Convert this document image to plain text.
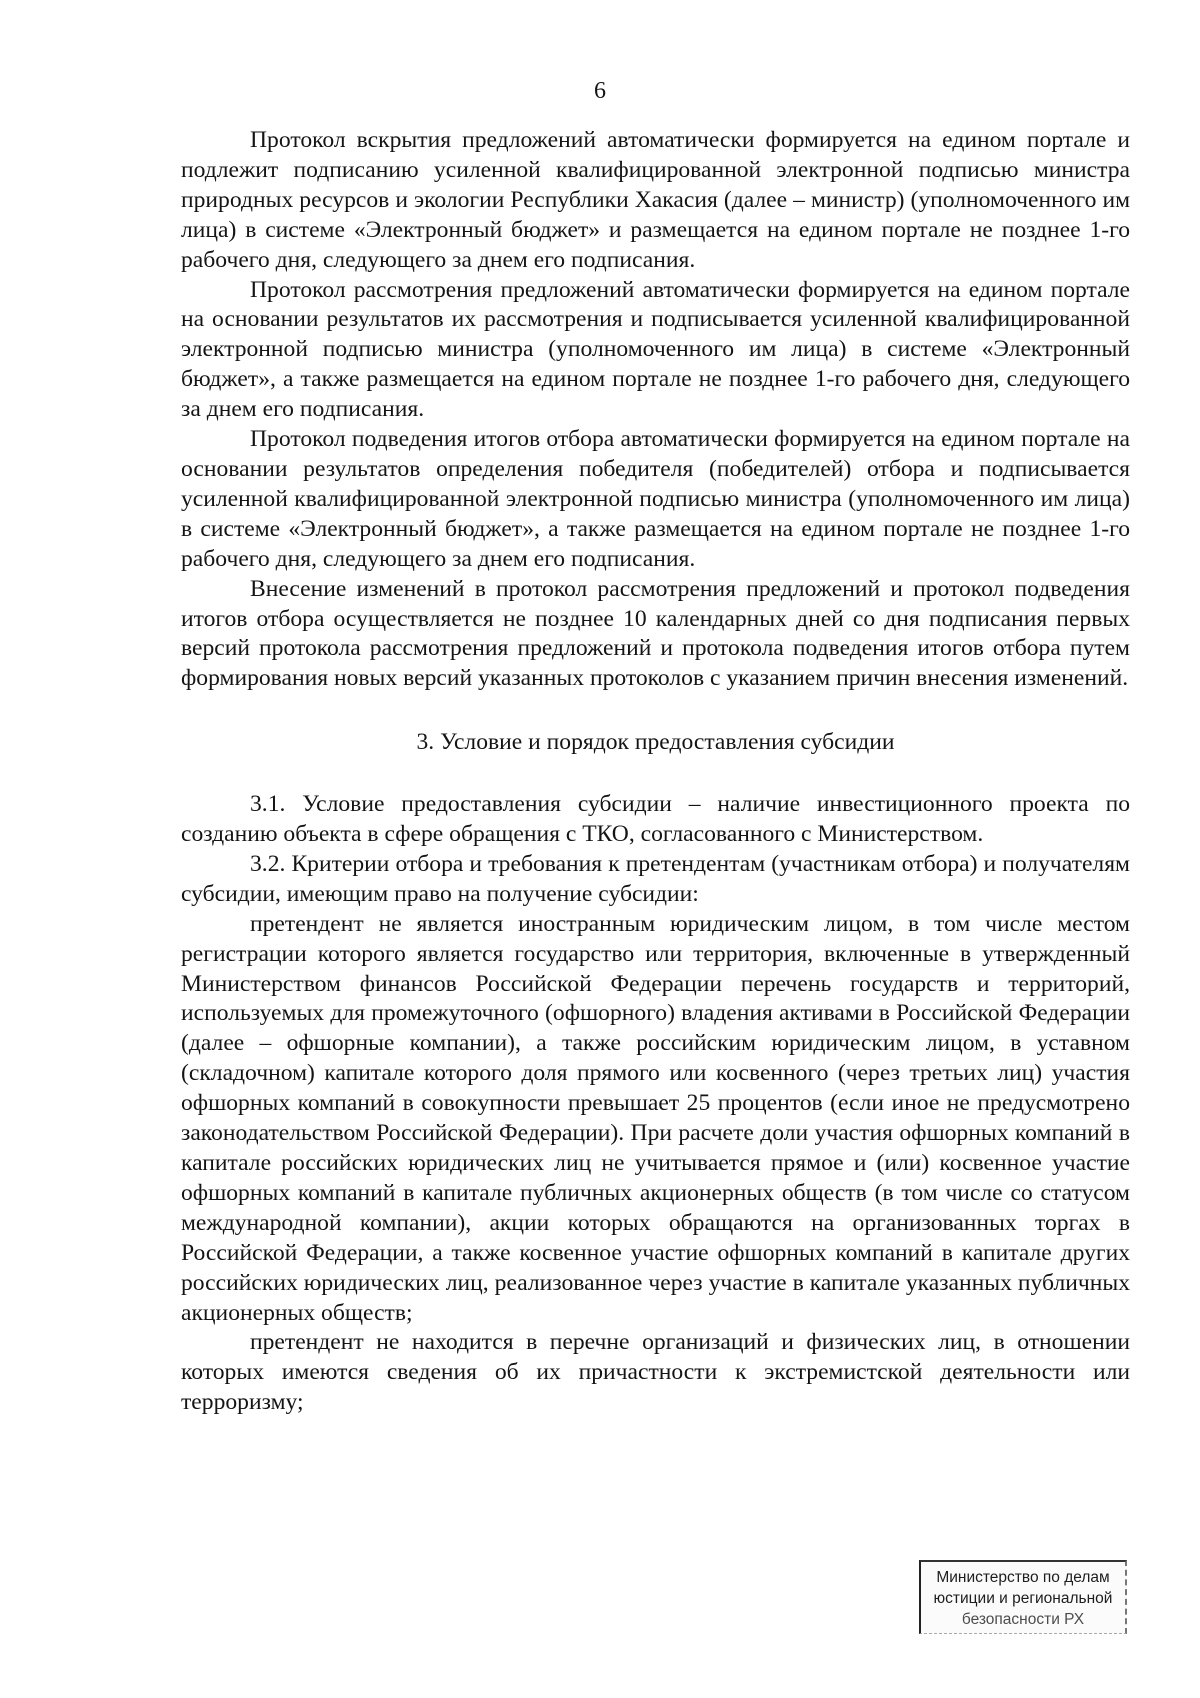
6

Протокол вскрытия предложений автоматически формируется на едином портале и подлежит подписанию усиленной квалифицированной электронной подписью министра природных ресурсов и экологии Республики Хакасия (далее – министр) (уполномоченного им лица) в системе «Электронный бюджет» и размещается на едином портале не позднее 1-го рабочего дня, следующего за днем его подписания.

Протокол рассмотрения предложений автоматически формируется на едином портале на основании результатов их рассмотрения и подписывается усиленной квалифицированной электронной подписью министра (уполномоченного им лица) в системе «Электронный бюджет», а также размещается на едином портале не позднее 1-го рабочего дня, следующего за днем его подписания.

Протокол подведения итогов отбора автоматически формируется на едином портале на основании результатов определения победителя (победителей) отбора и подписывается усиленной квалифицированной электронной подписью министра (уполномоченного им лица) в системе «Электронный бюджет», а также размещается на едином портале не позднее 1-го рабочего дня, следующего за днем его подписания.

Внесение изменений в протокол рассмотрения предложений и протокол подведения итогов отбора осуществляется не позднее 10 календарных дней со дня подписания первых версий протокола рассмотрения предложений и протокола подведения итогов отбора путем формирования новых версий указанных протоколов с указанием причин внесения изменений.

3. Условие и порядок предоставления субсидии

3.1. Условие предоставления субсидии – наличие инвестиционного проекта по созданию объекта в сфере обращения с ТКО, согласованного с Министерством.

3.2. Критерии отбора и требования к претендентам (участникам отбора) и получателям субсидии, имеющим право на получение субсидии:

претендент не является иностранным юридическим лицом, в том числе местом регистрации которого является государство или территория, включенные в утвержденный Министерством финансов Российской Федерации перечень государств и территорий, используемых для промежуточного (офшорного) владения активами в Российской Федерации (далее – офшорные компании), а также российским юридическим лицом, в уставном (складочном) капитале которого доля прямого или косвенного (через третьих лиц) участия офшорных компаний в совокупности превышает 25 процентов (если иное не предусмотрено законодательством Российской Федерации). При расчете доли участия офшорных компаний в капитале российских юридических лиц не учитывается прямое и (или) косвенное участие офшорных компаний в капитале публичных акционерных обществ (в том числе со статусом международной компании), акции которых обращаются на организованных торгах в Российской Федерации, а также косвенное участие офшорных компаний в капитале других российских юридических лиц, реализованное через участие в капитале указанных публичных акционерных обществ;

претендент не находится в перечне организаций и физических лиц, в отношении которых имеются сведения об их причастности к экстремистской деятельности или терроризму;

Министерство по делам
юстиции и региональной
безопасности РХ
